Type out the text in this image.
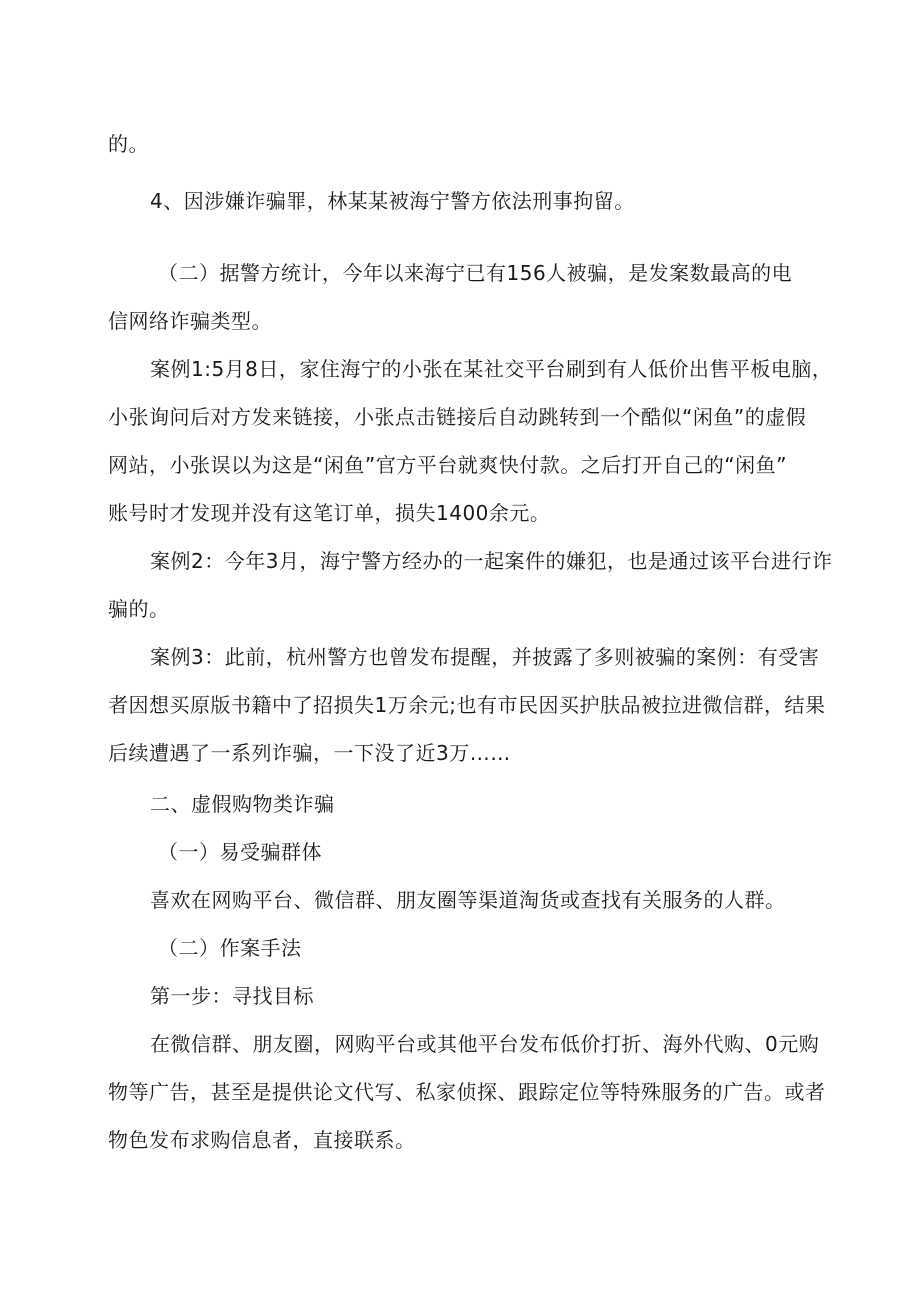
的。
4、因涉嫌诈骗罪，林某某被海宁警方依法刑事拘留。
（二）据警方统计，今年以来海宁已有156人被骗，是发案数最高的电
信网络诈骗类型。
案例1:5月8日，家住海宁的小张在某社交平台刷到有人低价出售平板电脑，
小张询问后对方发来链接，小张点击链接后自动跳转到一个酷似“闲鱼”的虚假
网站，小张误以为这是“闲鱼”官方平台就爽快付款。之后打开自己的“闲鱼”
账号时才发现并没有这笔订单，损失1400余元。
案例2：今年3月，海宁警方经办的一起案件的嫌犯，也是通过该平台进行诈
骗的。
案例3：此前，杭州警方也曾发布提醒，并披露了多则被骗的案例：有受害
者因想买原版书籍中了招损失1万余元;也有市民因买护肤品被拉进微信群，结果
后续遭遇了一系列诈骗，一下没了近3万……
二、虚假购物类诈骗
（一）易受骗群体
喜欢在网购平台、微信群、朋友圈等渠道淘货或查找有关服务的人群。
（二）作案手法
第一步：寻找目标
在微信群、朋友圈，网购平台或其他平台发布低价打折、海外代购、0元购
物等广告，甚至是提供论文代写、私家侦探、跟踪定位等特殊服务的广告。或者
物色发布求购信息者，直接联系。
